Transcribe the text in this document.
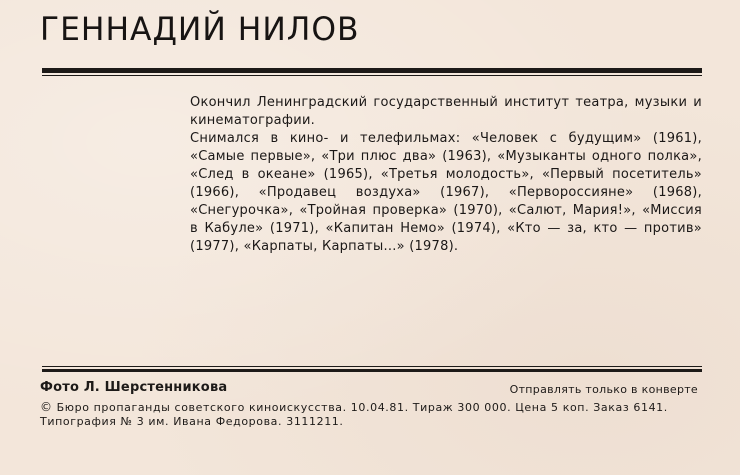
ГЕННАДИЙ НИЛОВ

Окончил Ленинградский государственный институт театра, музыки и кинематографии.

Снимался в кино- и телефильмах: «Человек с будущим» (1961), «Самые первые», «Три плюс два» (1963), «Музыканты одного полка», «След в океане» (1965), «Третья молодость», «Первый посетитель» (1966), «Продавец воздуха» (1967), «Первороссияне» (1968), «Снегурочка», «Тройная проверка» (1970), «Салют, Мария!», «Миссия в Кабуле» (1971), «Капитан Немо» (1974), «Кто — за, кто — против» (1977), «Карпаты, Карпаты...» (1978).

Фото Л. Шерстенникова	Отправлять только в конверте
© Бюро пропаганды советского киноискусства. 10.04.81. Тираж 300 000. Цена 5 коп. Заказ 6141.
Типография № 3 им. Ивана Федорова. 3111211.
